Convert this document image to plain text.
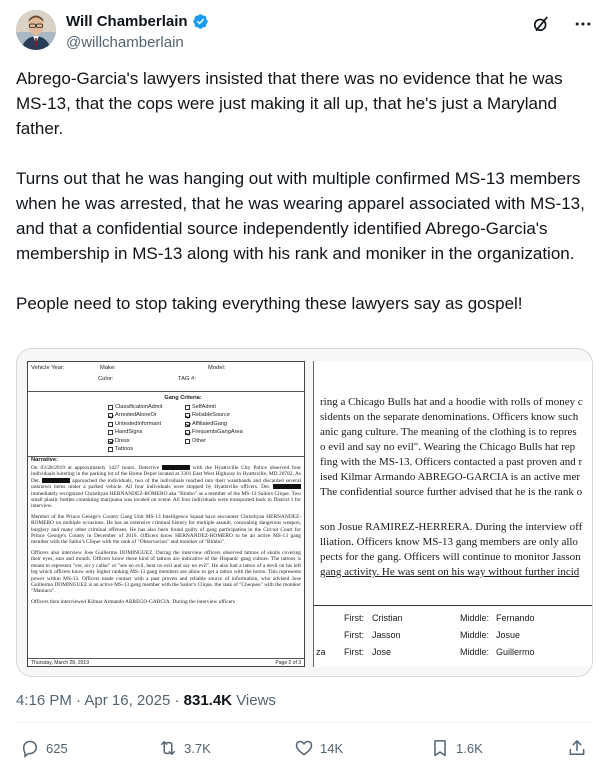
Will Chamberlain
@willchamberlain

Abrego-Garcia's lawyers insisted that there was no evidence that he was MS-13, that the cops were just making it all up, that he's just a Maryland father.

Turns out that he was hanging out with multiple confirmed MS-13 members when he was arrested, that he was wearing apparel associated with MS-13, and that a confidential source independently identified Abrego-Garcia's membership in MS-13 along with his rank and moniker in the organization.

People need to stop taking everything these lawyers say as gospel!

Vehicle Year:	Make:	Model:
Color:	TAG #:
Gang Criteria:
ClassificationAdmit	SelfAdmit
ArrestedAloneOr	ReliableSource
UntestedInformant	AffiliatedGang
HandSigns	FrequentsGangArea
Dress	Other
Tattoos
Narrative:

On 03/28/2019 at approximately 1427 hours, Detective	with the Hyattsville City Police observed four individuals loitering in the parking lot of the Home Depot located at 3301 East West Highway in Hyattsville, MD 20782. As Det.	approached the individuals, two of the individuals reached into their waistbands and discarded several unknown items under a parked vehicle. All four individuals were stopped by Hyattsville officers. Det.  immediately recognized Christhyan HERNANDEZ-ROMERO aka "Bimbo" as a member of the MS-13 Sailors Clique. Two small plastic bottles containing marijuana was located on scene. All four individuals were transported back to District I for interview.

Member of the Prince George's County Gang Unit MS-13 Intelligence Squad have encounter Christhyan HERNANDEZ-ROMERO on multiple occasions. He has an extensive criminal history for multiple assault, concealing dangerous weapon, burglary and many other criminal offenses. He has also been found guilty of gang participation in the Circuit Court for Prince George's County in December of 2016. Officers know HERNANDEZ-ROMERO to be an active MS-13 gang member with the Sailor's Clique with the rank of "Observacion" and moniker of "Bimbo".

Officers also interview Jose Guillermo DOMINGUEZ. During the interview officers observed tattoos of skulls covering their eyes, ears and mouth. Officers know these kind of tattoos are indicative of the Hispanic gang culture. The tattoos is meant to represent "ver, oir y callar" or "see no evil, hear no evil and say no evil". He also had a tattoo of a devil on his left leg which officers know only higher ranking MS-13 gang members are allow to get a tattoo with the horns. This represents power within MS-13. Officers made contact with a past proven and reliable source of information, who advised Jose Guillermo DOMINGUEZ is an active MS-13 gang member with the Sailor's Clique, the rank of "Chequeo" with the moniker "Maniaco".

Officers then interviewed Kilmar Armando ABREGO-GARCIA. During the interview officers

Thursday, March 28, 2019	Page 2 of 3
ring a Chicago Bulls hat and a hoodie with rolls of money c
sidents on the separate denominations. Officers know such
anic gang culture. The meaning of the clothing is to repres
o evil and say no evil". Wearing the Chicago Bulls hat rep
fing with the MS-13. Officers contacted a past proven and r
ised Kilmar Armando ABREGO-GARCIA is an active mer
The confidential source further advised that he is the rank o
son Josue RAMIREZ-HERRERA. During the interview off
lliation. Officers know MS-13 gang members are only allo
pects for the gang. Officers will continue to monitor Jasson
gang activity. He was sent on his way without further incid
First: Cristian	Middle: Fernando
First: Jasson	Middle: Josue
za First: Jose	Middle: Guillermo
4:16 PM · Apr 16, 2025 · 831.4K Views
625	3.7K	14K	1.6K
